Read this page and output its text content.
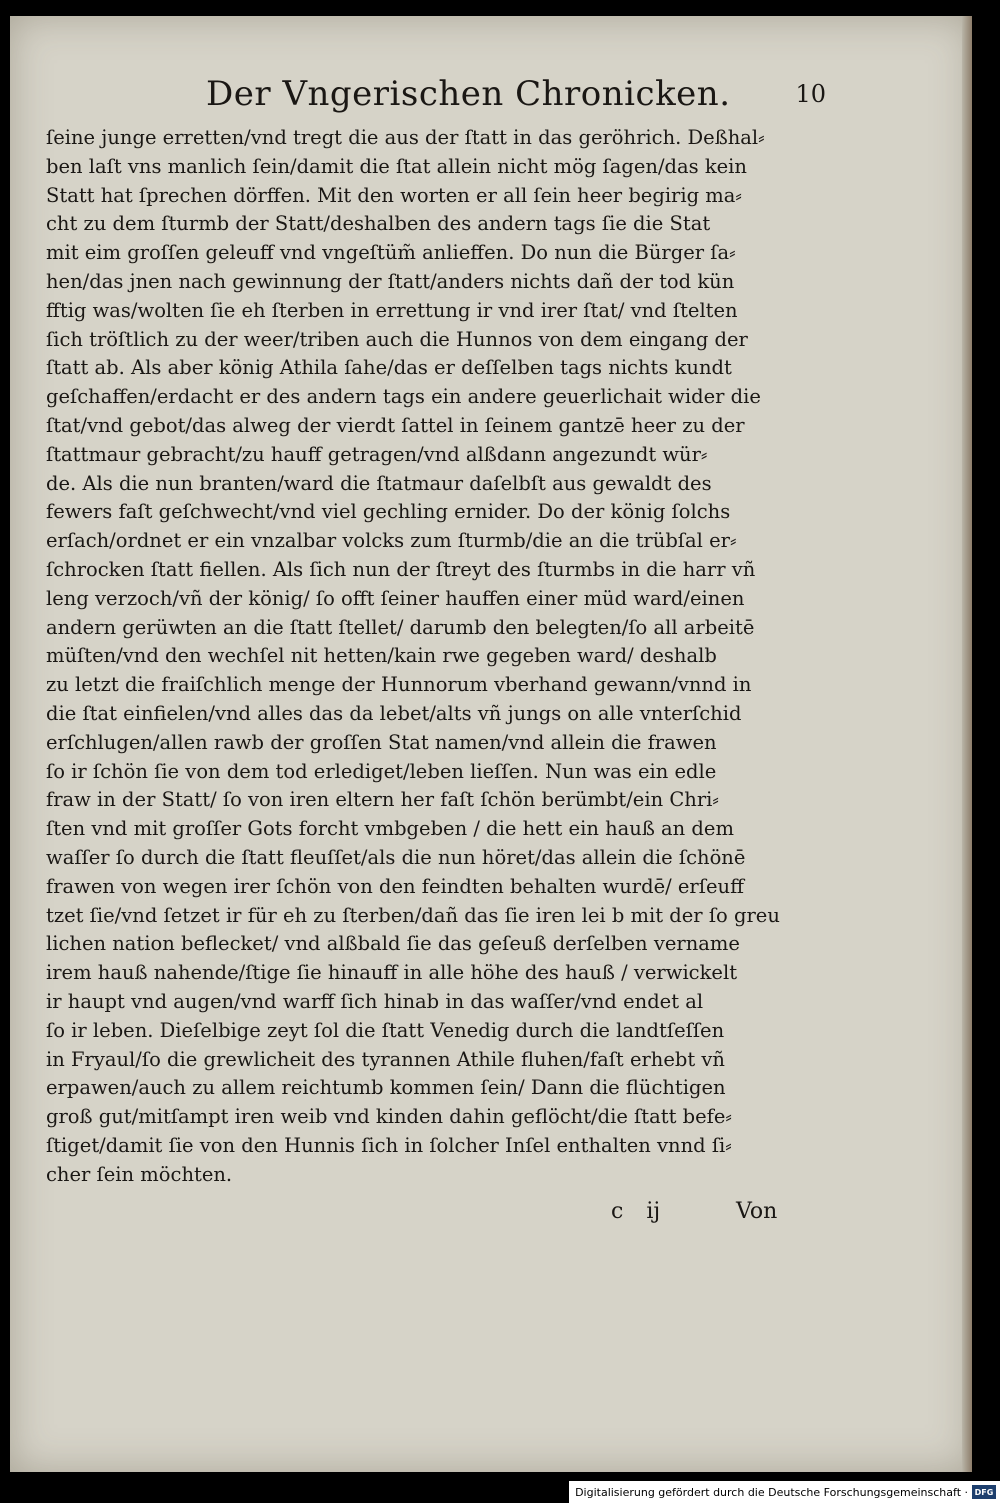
Der Vngerischen Chronicken.	10
ſeine junge erretten/vnd tregt die aus der ſtatt in das geröhrich. Deßhal⸗
ben laſt vns manlich ſein/damit die ſtat allein nicht mög ſagen/das kein
Statt hat ſprechen dörffen. Mit den worten er all ſein heer begirig ma⸗
cht zu dem ſturmb der Statt/deshalben des andern tags ſie die Stat
mit eim groſſen geleuff vnd vngeſtüm̃ anlieffen. Do nun die Bürger ſa⸗
hen/das jnen nach gewinnung der ſtatt/anders nichts dañ der tod kün
fftig was/wolten ſie eh ſterben in errettung ir vnd irer ſtat/ vnd ſtelten
ſich tröſtlich zu der weer/triben auch die Hunnos von dem eingang der
ſtatt ab. Als aber könig Athila ſahe/das er deſſelben tags nichts kundt
geſchaffen/erdacht er des andern tags ein andere geuerlichait wider die
ſtat/vnd gebot/das alweg der vierdt ſattel in ſeinem gantzē heer zu der
ſtattmaur gebracht/zu hauff getragen/vnd alßdann angezundt wür⸗
de. Als die nun branten/ward die ſtatmaur daſelbſt aus gewaldt des
fewers faſt geſchwecht/vnd viel gechling ernider. Do der könig ſolchs
erſach/ordnet er ein vnzalbar volcks zum ſturmb/die an die trübſal er⸗
ſchrocken ſtatt fiellen. Als ſich nun der ſtreyt des ſturmbs in die harr vñ
leng verzoch/vñ der könig/ ſo offt ſeiner hauffen einer müd ward/einen
andern gerüwten an die ſtatt ſtellet/ darumb den belegten/ſo all arbeitē
müſten/vnd den wechſel nit hetten/kain rwe gegeben ward/ deshalb
zu letzt die fraiſchlich menge der Hunnorum vberhand gewann/vnnd in
die ſtat einfielen/vnd alles das da lebet/alts vñ jungs on alle vnterſchid
erſchlugen/allen rawb der groſſen Stat namen/vnd allein die frawen
ſo ir ſchön ſie von dem tod erlediget/leben lieſſen. Nun was ein edle
fraw in der Statt/ ſo von iren eltern her faſt ſchön berümbt/ein Chri⸗
ſten vnd mit groſſer Gots forcht vmbgeben / die hett ein hauß an dem
waſſer ſo durch die ſtatt fleuſſet/als die nun höret/das allein die ſchönē
frawen von wegen irer ſchön von den feindten behalten wurdē/ erſeuff
tzet ſie/vnd ſetzet ir für eh zu ſterben/dañ das ſie iren lei b mit der ſo greu
lichen nation beflecket/ vnd alßbald ſie das geſeuß derſelben vername
irem hauß nahende/ſtige ſie hinauff in alle höhe des hauß / verwickelt
ir haupt vnd augen/vnd warff ſich hinab in das waſſer/vnd endet al
ſo ir leben. Dieſelbige zeyt ſol die ſtatt Venedig durch die landtſeſſen
in Fryaul/ſo die grewlicheit des tyrannen Athile fluhen/faſt erhebt vñ
erpawen/auch zu allem reichtumb kommen ſein/ Dann die flüchtigen
groß gut/mitſampt iren weib vnd kinden dahin geflöcht/die ſtatt befe⸗
ſtiget/damit ſie von den Hunnis ſich in ſolcher Inſel enthalten vnnd ſi⸗
cher ſein möchten.
c ij	Von
Digitalisierung gefördert durch die Deutsche Forschungsgemeinschaft · DFG
